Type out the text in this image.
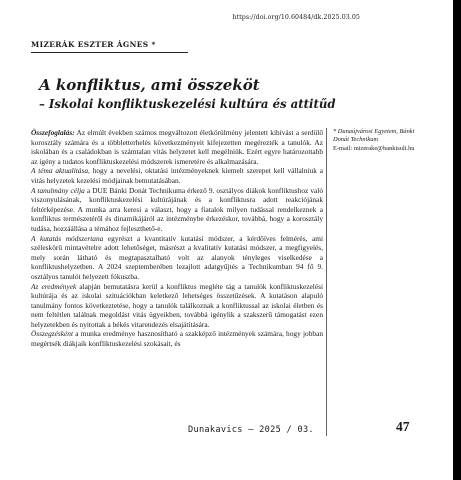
https://doi.org/10.60484/dk.2025.03.05
MIZERÁK ESZTER ÁGNES *
A konfliktus, ami összeköt
– Iskolai konfliktuskezelési kultúra és attitűd

Összefoglalás: Az elmúlt években számos megváltozott életkörülmény jelentett kihívást a serdülő korosztály számára és a többletterhelés következményeit kifejezetten megérezték a tanulók. Az iskolában és a családokban is számtalan vitás helyzetet kell megélniük. Ezért egyre határozottabb az igény a tudatos konfliktuskezelési módszerek ismeretére és alkalmazására.

A téma aktualitása, hogy a nevelési, oktatási intézményeknek kiemelt szerepet kell vállalniuk a vitás helyzetek kezelési módjainak bemutatásában.

A tanulmány célja a DUE Bánki Donát Technikuma érkező 9. osztályos diákok konfliktushoz való viszonyulásának, konfliktuskezelési kultúrájának és a konfliktusra adott reakciójának feltérképezése. A munka arra keresi a választ, hogy a fiatalok milyen tudással rendelkeznek a konfliktus természetéről és dinamikájáról az intézménybe érkezéskor, továbbá, hogy a korosztály tudása, hozzáállása a témához fejleszthető-e.

A kutatás módszertana egyrészt a kvantitatív kutatási módszer, a kérdőíves felmérés, ami széleskörű mintavételre adott lehetőséget, másrészt a kvalitatív kutatási módszer, a megfigyelés, mely során látható és megtapasztalható volt az alanyok tényleges viselkedése a konfliktushelyzetben. A 2024 szeptemberében lezajlott adatgyűjtés a Technikumban 94 fő 9. osztályos tanulót helyezett fókuszba.

Az eredmények alapján bemutatásra kerül a konfliktus megléte tág a tanulók konfliktuskezelési kultúrája és az iskolai szituációkban keletkező lehetséges összetűzések. A kutatáson alapuló tanulmány fontos következtetése, hogy a tanulók találkoznak a konfliktussal az iskolai életben és nem feltétlen találnak megoldást vitás ügyeikben, továbbá igénylik a szakszerű támogatást ezen helyzetekben és nyitottak a békés vitarendezés elsajátítására.

Összegzésként a munka eredménye hasznosítható a szakképző intézmények számára, hogy jobban megértsék diákjaik konfliktuskezelési szokásait, és

* Dunaújvárosi Egyetem, Bánki
Donát Technikum
E-mail: mizerake@bankisuli.hu
Dunakavics – 2025 / 03.	47
